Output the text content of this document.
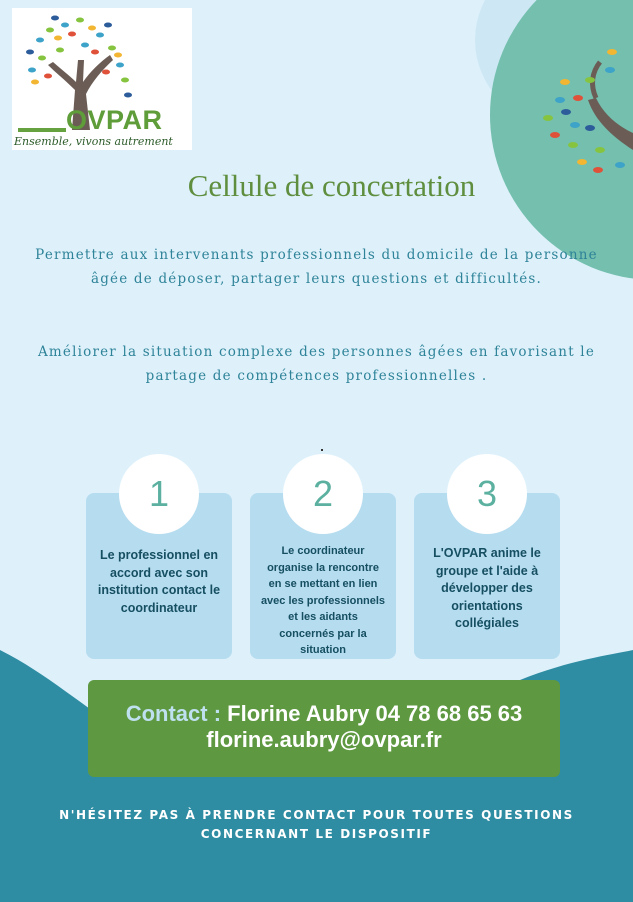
OVPAR
Ensemble, vivons autrement
Cellule de concertation
Permettre aux intervenants professionnels du domicile de la personne âgée de déposer, partager leurs questions et difficultés.
Améliorer la situation complexe des personnes âgées en favorisant le partage de compétences professionnelles .
Le professionnel en accord avec son institution contact le coordinateur
Le coordinateur organise la rencontre en se mettant en lien avec les professionnels et les aidants concernés par la situation
L'OVPAR anime le groupe et l'aide à développer des orientations collégiales
1	2	3
Contact : Florine Aubry 04 78 68 65 63
florine.aubry@ovpar.fr
N'HÉSITEZ PAS À PRENDRE CONTACT POUR TOUTES QUESTIONS CONCERNANT LE DISPOSITIF
